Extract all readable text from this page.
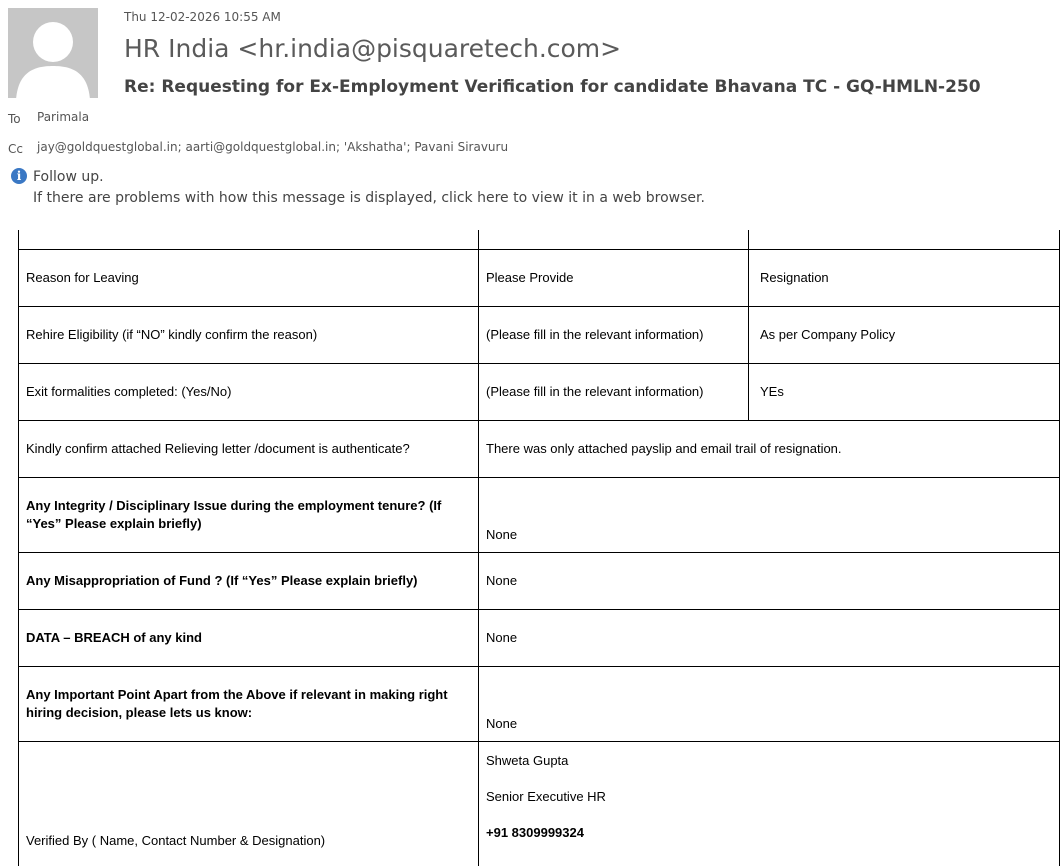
Thu 12-02-2026 10:55 AM
HR India <hr.india@pisquaretech.com>
Re: Requesting for Ex-Employment Verification for candidate Bhavana TC - GQ-HMLN-250
To Parimala
Cc jay@goldquestglobal.in; aarti@goldquestglobal.in; 'Akshatha'; Pavani Siravuru
i Follow up.
If there are problems with how this message is displayed, click here to view it in a web browser.

Reason for Leaving	Please Provide	Resignation
Rehire Eligibility (if “NO” kindly confirm the reason)	(Please fill in the relevant information)	As per Company Policy
Exit formalities completed: (Yes/No)	(Please fill in the relevant information)	YEs
Kindly confirm attached Relieving letter /document is authenticate?	There was only attached payslip and email trail of resignation.	
Any Integrity / Disciplinary Issue during the employment tenure? (If “Yes” Please explain briefly)	None	
Any Misappropriation of Fund ? (If “Yes” Please explain briefly)	None	
DATA – BREACH of any kind	None	
Any Important Point Apart from the Above if relevant in making right hiring decision, please lets us know:	None	
Verified By ( Name, Contact Number & Designation)	Shweta Gupta
Senior Executive HR
+91 8309999324	
